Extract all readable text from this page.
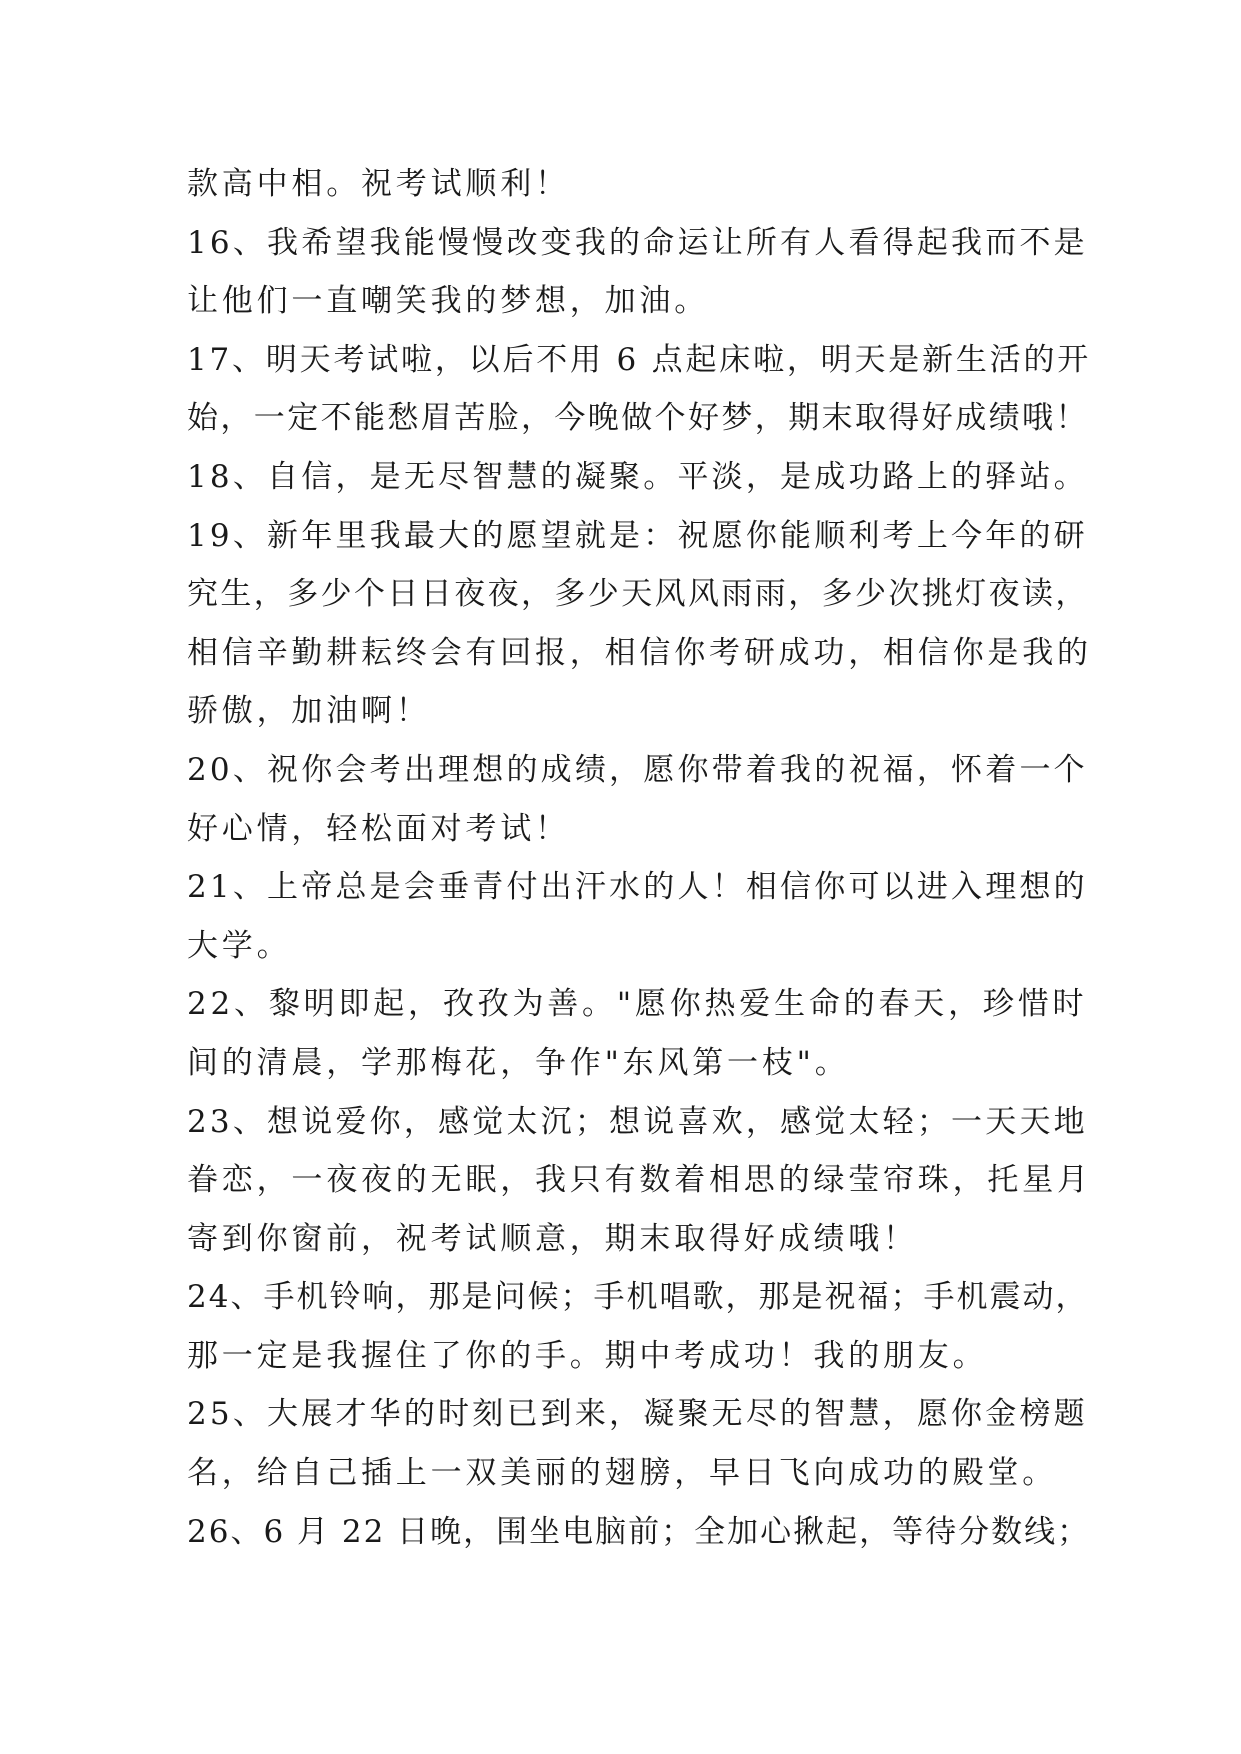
款高中相。祝考试顺利！
16、我希望我能慢慢改变我的命运让所有人看得起我而不是
让他们一直嘲笑我的梦想，加油。
17、明天考试啦，以后不用 6 点起床啦，明天是新生活的开
始，一定不能愁眉苦脸，今晚做个好梦，期末取得好成绩哦！
18、自信，是无尽智慧的凝聚。平淡，是成功路上的驿站。
19、新年里我最大的愿望就是：祝愿你能顺利考上今年的研
究生，多少个日日夜夜，多少天风风雨雨，多少次挑灯夜读，
相信辛勤耕耘终会有回报，相信你考研成功，相信你是我的
骄傲，加油啊！
20、祝你会考出理想的成绩，愿你带着我的祝福，怀着一个
好心情，轻松面对考试！
21、上帝总是会垂青付出汗水的人！相信你可以进入理想的
大学。
22、黎明即起，孜孜为善。"愿你热爱生命的春天，珍惜时
间的清晨，学那梅花，争作"东风第一枝"。
23、想说爱你，感觉太沉；想说喜欢，感觉太轻；一天天地
眷恋，一夜夜的无眠，我只有数着相思的绿莹帘珠，托星月
寄到你窗前，祝考试顺意，期末取得好成绩哦！
24、手机铃响，那是问候；手机唱歌，那是祝福；手机震动，
那一定是我握住了你的手。期中考成功！我的朋友。
25、大展才华的时刻已到来，凝聚无尽的智慧，愿你金榜题
名，给自己插上一双美丽的翅膀，早日飞向成功的殿堂。
26、6 月 22 日晚，围坐电脑前；全加心揪起，等待分数线；
